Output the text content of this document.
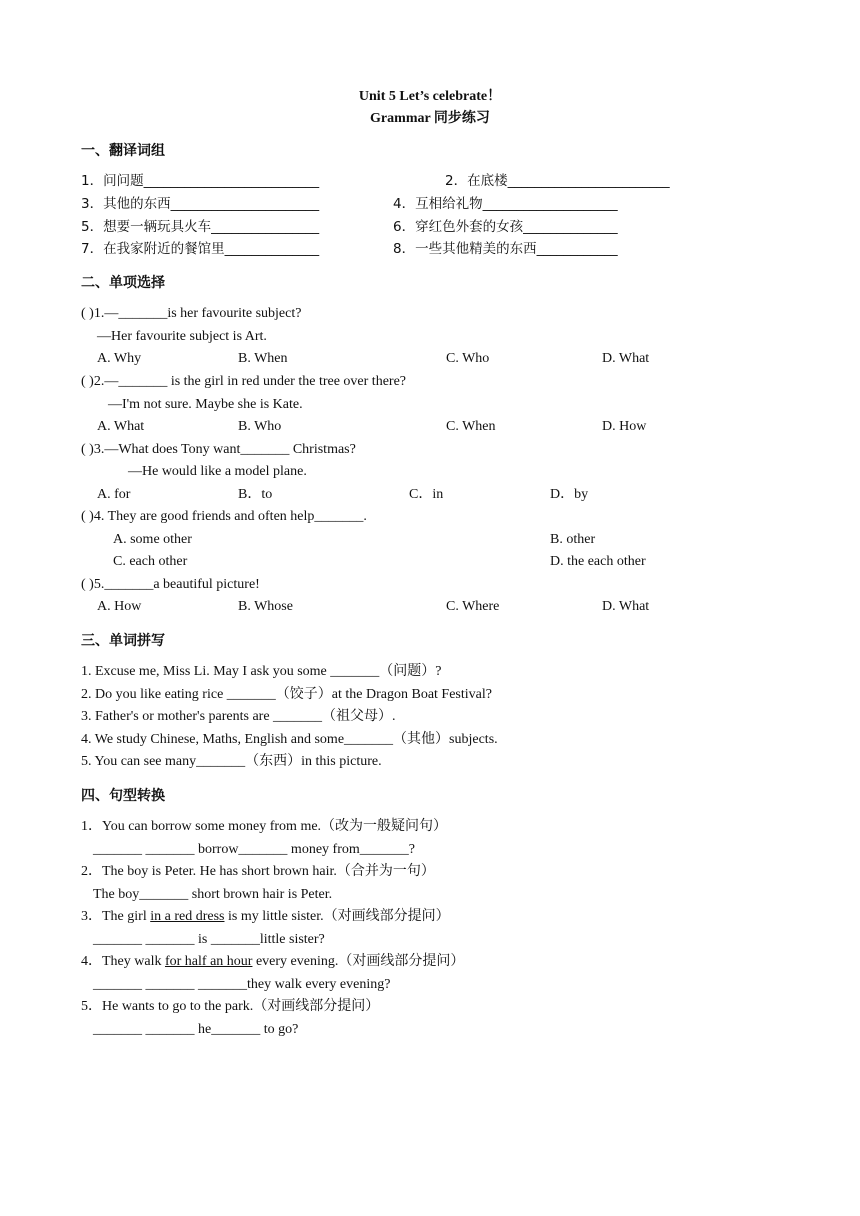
Unit 5 Let’s celebrate！
Grammar 同步练习
一、翻译词组
1．问问题__________________________	2．在底楼________________________
3．其他的东西______________________	4．互相给礼物____________________
5．想要一辆玩具火车________________	6．穿红色外套的女孩______________
7．在我家附近的餐馆里______________	8．一些其他精美的东西____________
二、单项选择
( )1.—_______is her favourite subject?
—Her favourite subject is Art.
A. Why	B. When	C. Who	D. What
( )2.—_______ is the girl in red under the tree over there?
—I'm not sure. Maybe she is Kate.
A. What	B. Who	C. When	D. How
( )3.—What does Tony want_______ Christmas?
—He would like a model plane.
A. for	B．to	C．in	D．by
( )4. They are good friends and often help_______.
A. some other	B. other
C. each other	D. the each other
( )5._______a beautiful picture!
A. How	B. Whose	C. Where	D. What
三、单词拼写
1. Excuse me, Miss Li. May I ask you some _______（问题）?
2. Do you like eating rice _______（饺子）at the Dragon Boat Festival?
3. Father's or mother's parents are _______（祖父母）.
4. We study Chinese, Maths, English and some_______（其他）subjects.
5. You can see many_______（东西）in this picture.
四、句型转换
1．You can borrow some money from me.（改为一般疑问句）
_______ _______ borrow_______ money from_______?
2．The boy is Peter. He has short brown hair.（合并为一句）
The boy_______ short brown hair is Peter.
3．The girl in a red dress is my little sister.（对画线部分提问）
_______ _______ is _______little sister?
4．They walk for half an hour every evening.（对画线部分提问）
_______ _______ _______they walk every evening?
5．He wants to go to the park.（对画线部分提问）
_______ _______ he_______ to go?
